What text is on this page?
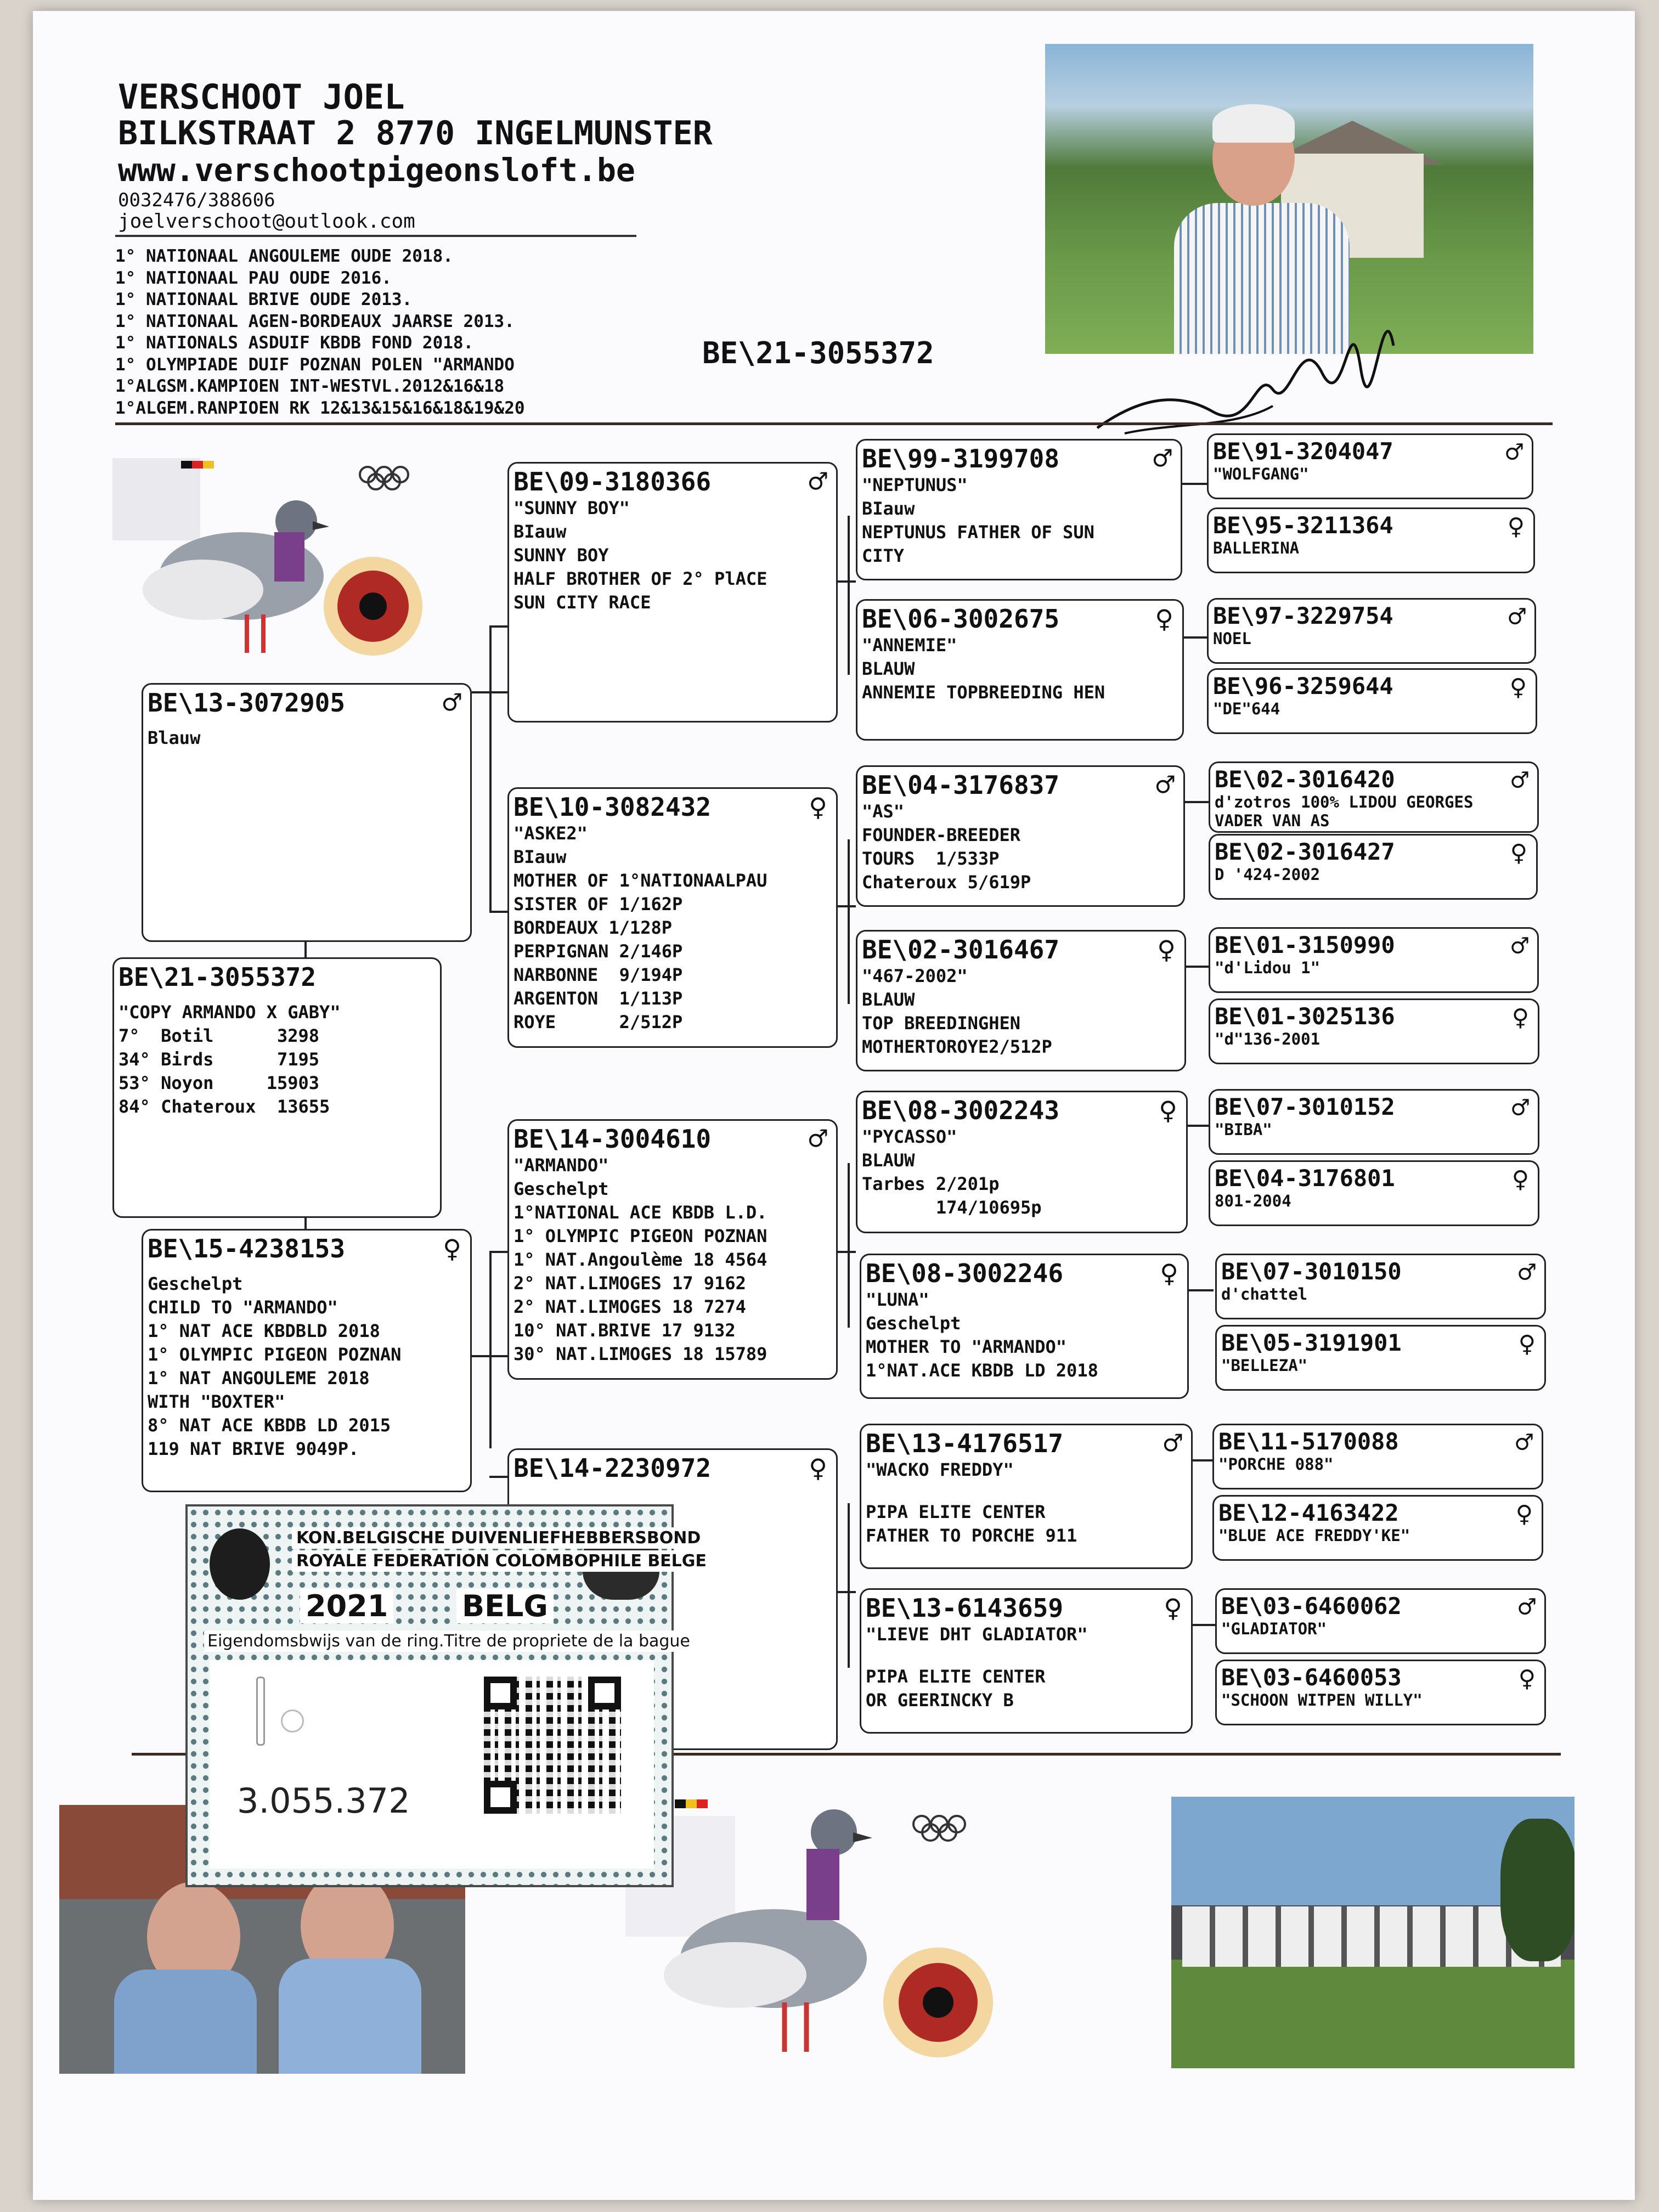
VERSCHOOT JOEL
BILKSTRAAT 2 8770 INGELMUNSTER
www.verschootpigeonsloft.be
0032476/388606
joelverschoot@outlook.com
1° NATIONAAL ANGOULEME OUDE 2018.
1° NATIONAAL PAU OUDE 2016.
1° NATIONAAL BRIVE OUDE 2013.
1° NATIONAAL AGEN-BORDEAUX JAARSE 2013.
1° NATIONALS ASDUIF KBDB FOND 2018.
1° OLYMPIADE DUIF POZNAN POLEN "ARMANDO
1°ALGSM.KAMPIOEN INT-WESTVL.2012&16&18
1°ALGEM.RANPIOEN RK 12&13&15&16&18&19&20
BE\21-3055372
BE\21-3055372
"COPY ARMANDO X GABY"
7°  Botil      3298
34° Birds      7195
53° Noyon     15903
84° Chateroux  13655
BE\13-3072905	♂
Blauw
BE\15-4238153	♀
Geschelpt
CHILD TO "ARMANDO"
1° NAT ACE KBDBLD 2018
1° OLYMPIC PIGEON POZNAN
1° NAT ANGOULEME 2018
WITH "BOXTER"
8° NAT ACE KBDB LD 2015
119 NAT BRIVE 9049P.
BE\09-3180366	♂
"SUNNY BOY"
BIauw
SUNNY BOY
HALF BROTHER OF 2° PlACE
SUN CITY RACE
BE\10-3082432	♀
"ASKE2"
BIauw
MOTHER OF 1°NATIONAALPAU
SISTER OF 1/162P
BORDEAUX 1/128P
PERPIGNAN 2/146P
NARBONNE  9/194P
ARGENTON  1/113P
ROYE      2/512P
BE\14-3004610	♂
"ARMANDO"
Geschelpt
1°NATIONAL ACE KBDB L.D.
1° OLYMPIC PIGEON POZNAN
1° NAT.Angoulème 18 4564
2° NAT.LIMOGES 17 9162
2° NAT.LIMOGES 18 7274
10° NAT.BRIVE 17 9132
30° NAT.LIMOGES 18 15789
BE\14-2230972	♀
BE\99-3199708	♂
"NEPTUNUS"
BIauw
NEPTUNUS FATHER OF SUN
CITY
BE\06-3002675	♀
"ANNEMIE"
BLAUW
ANNEMIE TOPBREEDING HEN
BE\04-3176837	♂
"AS"
FOUNDER-BREEDER
TOURS  1/533P
Chateroux 5/619P
BE\02-3016467	♀
"467-2002"
BLAUW
TOP BREEDINGHEN
MOTHERTOROYE2/512P
BE\08-3002243	♀
"PYCASSO"
BLAUW
Tarbes 2/201p
174/10695p
BE\08-3002246	♀
"LUNA"
Geschelpt
MOTHER TO "ARMANDO"
1°NAT.ACE KBDB LD 2018
BE\13-4176517	♂
"WACKO FREDDY"
PIPA ELITE CENTER
FATHER TO PORCHE 911
BE\13-6143659	♀
"LIEVE DHT GLADIATOR"
PIPA ELITE CENTER
OR GEERINCKY B
BE\91-3204047	♂
"WOLFGANG"
BE\95-3211364	♀
BALLERINA
BE\97-3229754	♂
NOEL
BE\96-3259644	♀
"DE"644
BE\02-3016420	♂
d'zotros 100% LIDOU GEORGES
VADER VAN AS
BE\02-3016427	♀
D '424-2002
BE\01-3150990	♂
"d'Lidou 1"
BE\01-3025136	♀
"d"136-2001
BE\07-3010152	♂
"BIBA"
BE\04-3176801	♀
801-2004
BE\07-3010150	♂
d'chattel
BE\05-3191901	♀
"BELLEZA"
BE\11-5170088	♂
"PORCHE 088"
BE\12-4163422	♀
"BLUE ACE FREDDY'KE"
BE\03-6460062	♂
"GLADIATOR"
BE\03-6460053	♀
"SCHOON WITPEN WILLY"
KON.BELGISCHE DUIVENLIEFHEBBERSBOND
ROYALE FEDERATION COLOMBOPHILE BELGE
2021 BELG
Eigendomsbwijs van de ring.Titre de propriete de la bague
3.055.372
